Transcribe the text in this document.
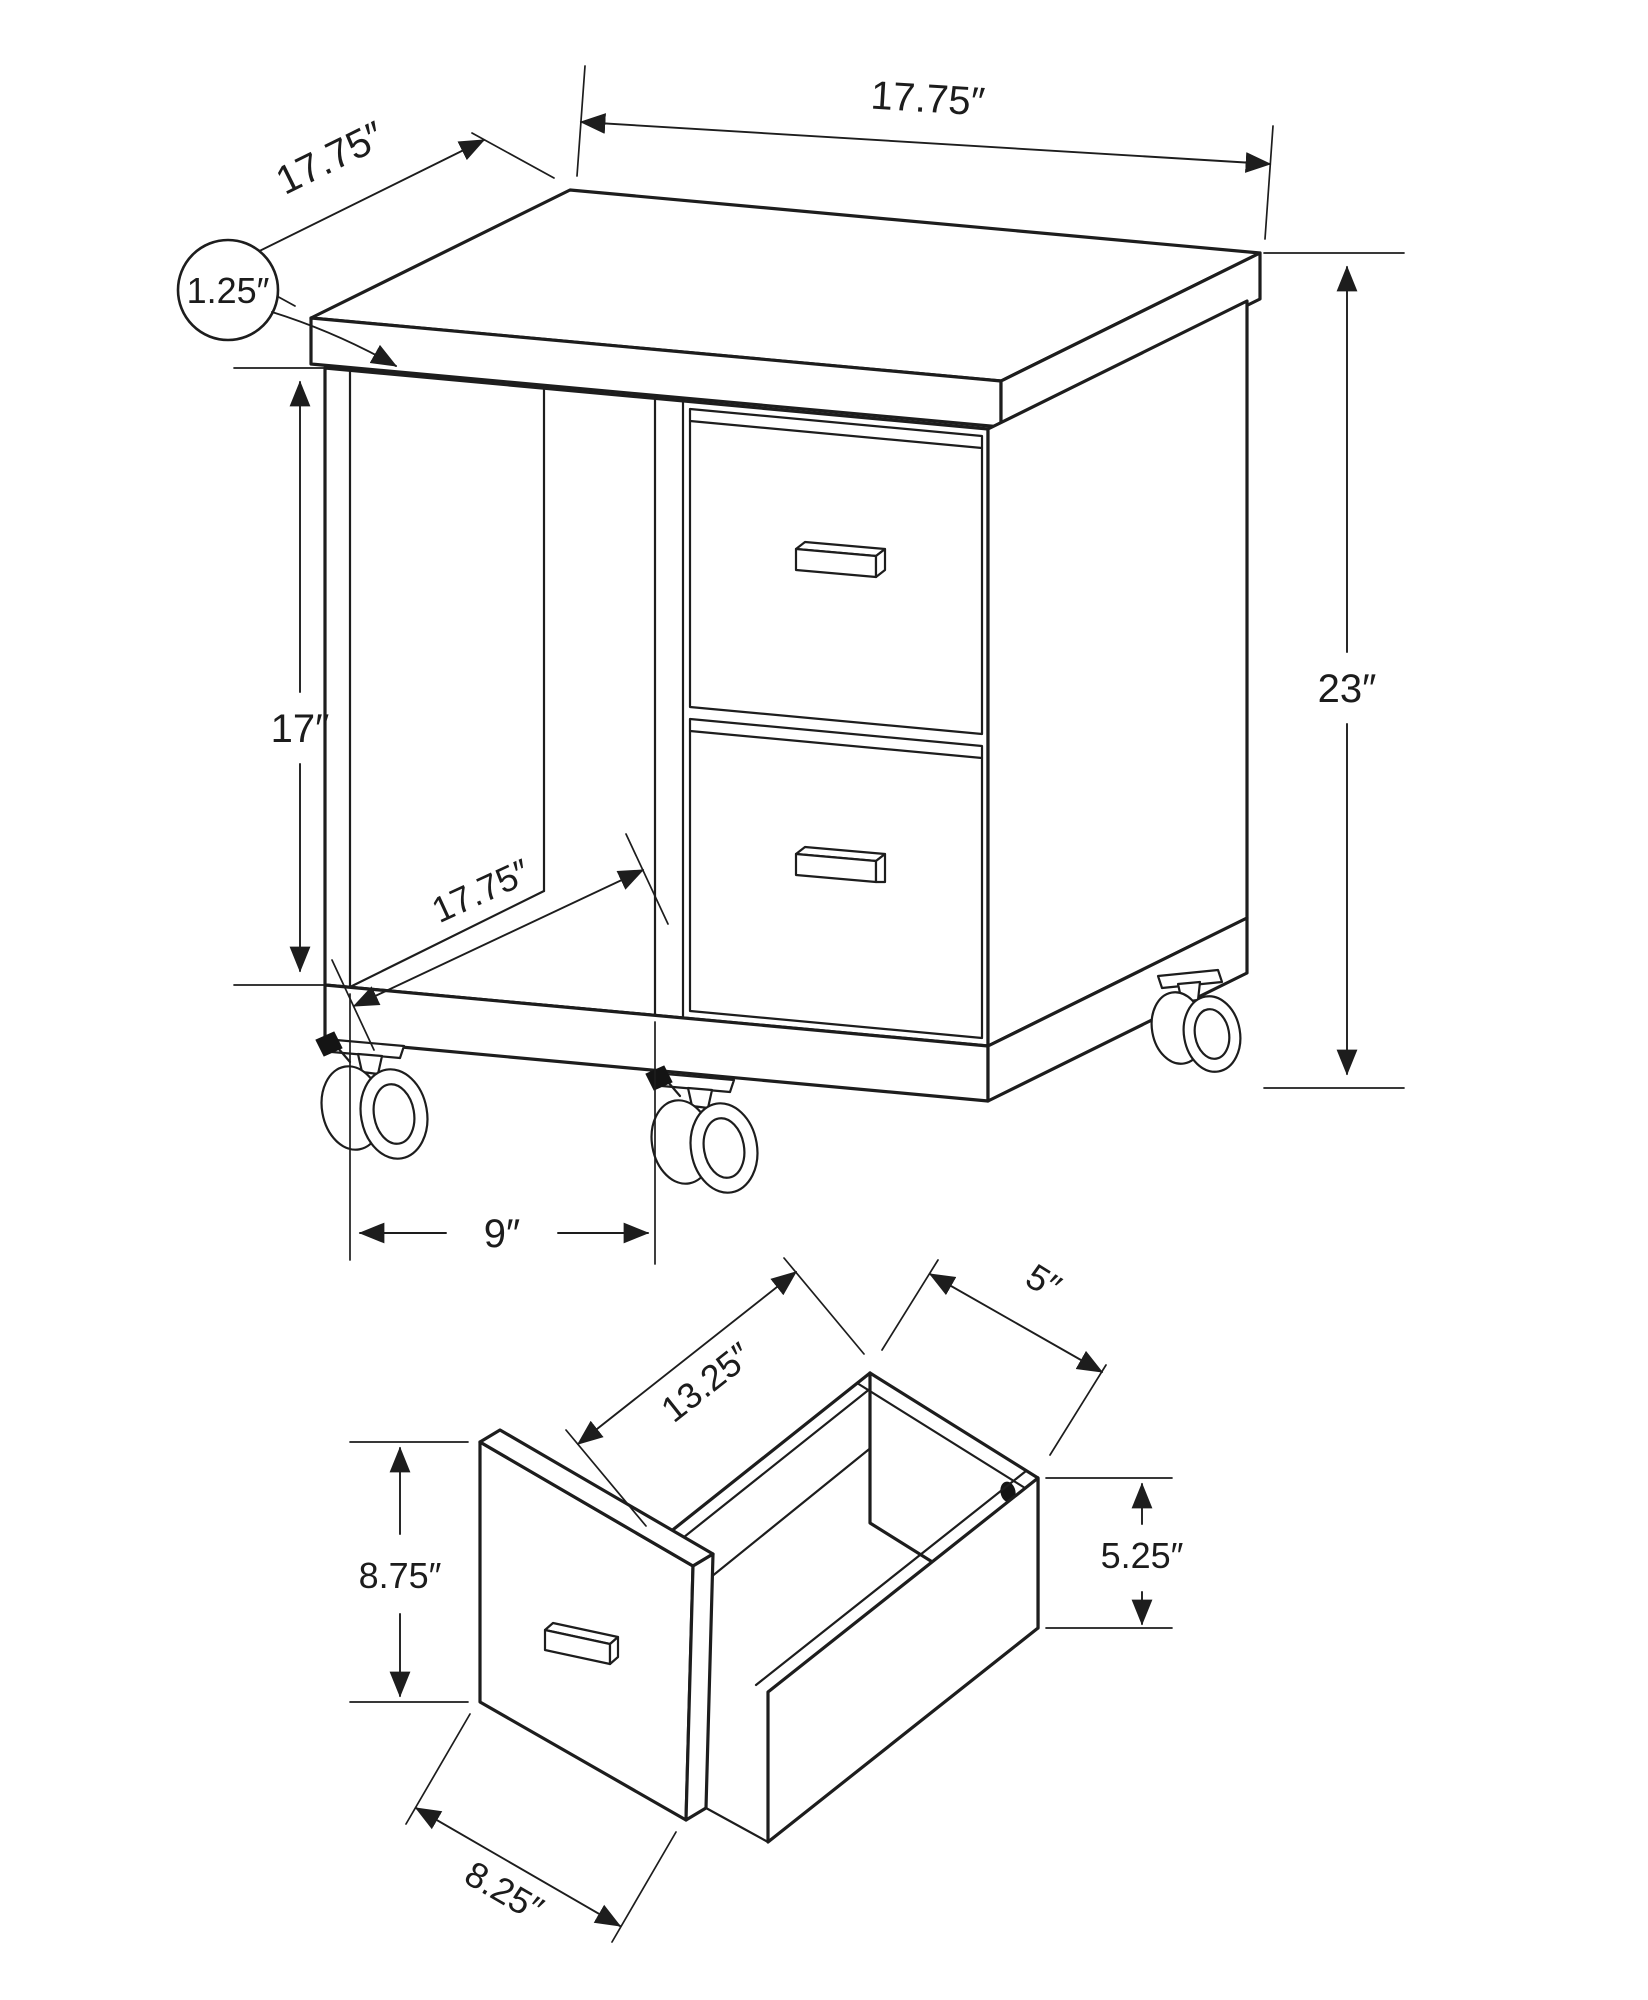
17.75″
17.75″
1.25″
17″
23″
17.75″
9″
13.25″
5″
5.25″
8.75″
8.25″
